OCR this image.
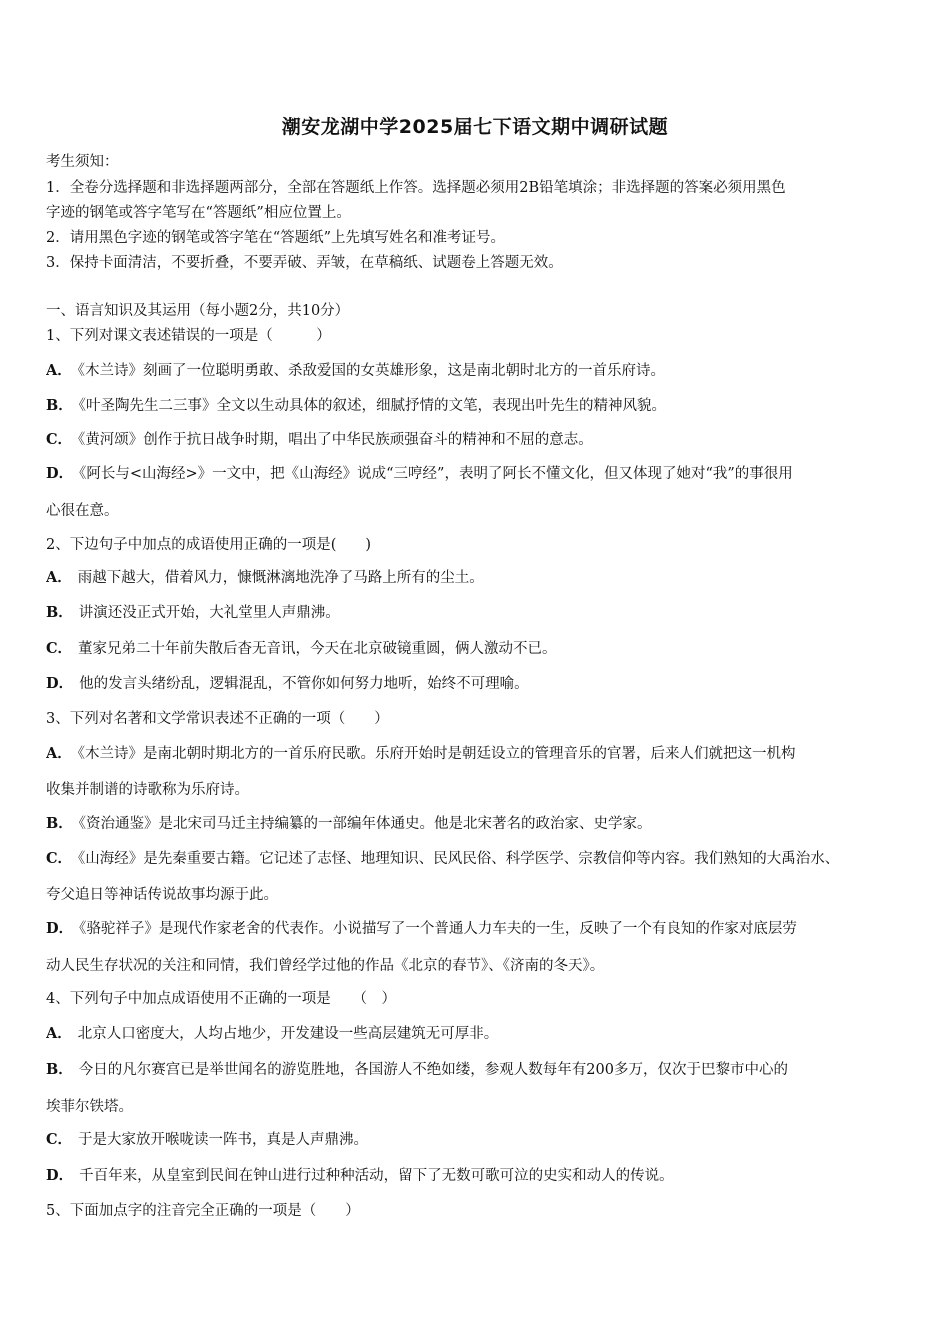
潮安龙湖中学2025届七下语文期中调研试题
考生须知：
1．全卷分选择题和非选择题两部分，全部在答题纸上作答。选择题必须用2B铅笔填涂；非选择题的答案必须用黑色
字迹的钢笔或答字笔写在“答题纸”相应位置上。
2．请用黑色字迹的钢笔或答字笔在“答题纸”上先填写姓名和准考证号。
3．保持卡面清洁，不要折叠，不要弄破、弄皱，在草稿纸、试题卷上答题无效。
一、语言知识及其运用（每小题2分，共10分）
1、下列对课文表述错误的一项是（　　　）
A． 《木兰诗》刻画了一位聪明勇敢、杀敌爱国的女英雄形象，这是南北朝时北方的一首乐府诗。
B． 《叶圣陶先生二三事》全文以生动具体的叙述，细腻抒情的文笔，表现出叶先生的精神风貌。
C． 《黄河颂》创作于抗日战争时期，唱出了中华民族顽强奋斗的精神和不屈的意志。
D． 《阿长与<山海经>》一文中，把《山海经》说成“三哼经”，表明了阿长不懂文化，但又体现了她对“我”的事很用
心很在意。
2、下边句子中加点的成语使用正确的一项是(　　)
A． 雨越下越大，借着风力，慷慨淋漓地洗净了马路上所有的尘土。
B． 讲演还没正式开始，大礼堂里人声鼎沸。
C． 董家兄弟二十年前失散后杳无音讯，今天在北京破镜重圆，俩人激动不已。
D． 他的发言头绪纷乱，逻辑混乱，不管你如何努力地听，始终不可理喻。
3、下列对名著和文学常识表述不正确的一项（　　）
A． 《木兰诗》是南北朝时期北方的一首乐府民歌。乐府开始时是朝廷设立的管理音乐的官署，后来人们就把这一机构
收集并制谱的诗歌称为乐府诗。
B． 《资治通鉴》是北宋司马迁主持编纂的一部编年体通史。他是北宋著名的政治家、史学家。
C． 《山海经》是先秦重要古籍。它记述了志怪、地理知识、民风民俗、科学医学、宗教信仰等内容。我们熟知的大禹治水、
夸父追日等神话传说故事均源于此。
D． 《骆驼祥子》是现代作家老舍的代表作。小说描写了一个普通人力车夫的一生，反映了一个有良知的作家对底层劳
动人民生存状况的关注和同情，我们曾经学过他的作品《北京的春节》、《济南的冬天》。
4、下列句子中加点成语使用不正确的一项是　　（　）
A． 北京人口密度大，人均占地少，开发建设一些高层建筑无可厚非。
B． 今日的凡尔赛宫已是举世闻名的游览胜地，各国游人不绝如缕，参观人数每年有200多万，仅次于巴黎市中心的
埃菲尔铁塔。
C． 于是大家放开喉咙读一阵书，真是人声鼎沸。
D． 千百年来，从皇室到民间在钟山进行过种种活动，留下了无数可歌可泣的史实和动人的传说。
5、下面加点字的注音完全正确的一项是（　　）
